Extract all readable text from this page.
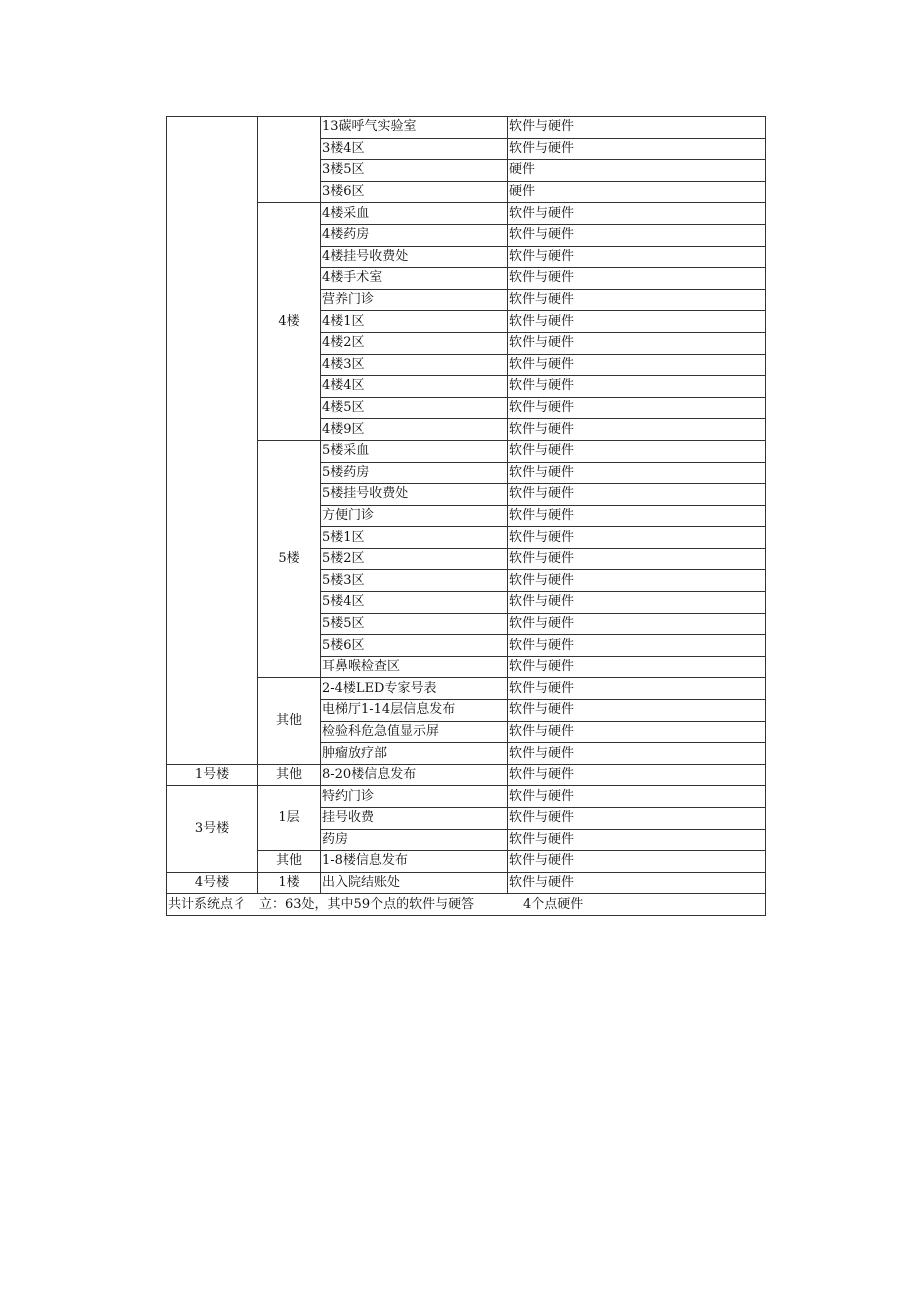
		13碳呼气实验室	软件与硬件
		3楼4区	软件与硬件
		3楼5区	硬件
		3楼6区	硬件
	4楼	4楼采血	软件与硬件
		4楼药房	软件与硬件
		4楼挂号收费处	软件与硬件
		4楼手术室	软件与硬件
		营养门诊	软件与硬件
		4楼1区	软件与硬件
		4楼2区	软件与硬件
		4楼3区	软件与硬件
		4楼4区	软件与硬件
		4楼5区	软件与硬件
		4楼9区	软件与硬件
	5楼	5楼采血	软件与硬件
		5楼药房	软件与硬件
		5楼挂号收费处	软件与硬件
		方便门诊	软件与硬件
		5楼1区	软件与硬件
		5楼2区	软件与硬件
		5楼3区	软件与硬件
		5楼4区	软件与硬件
		5楼5区	软件与硬件
		5楼6区	软件与硬件
		耳鼻喉检查区	软件与硬件
	其他	2-4楼LED专家号表	软件与硬件
		电梯厅1-14层信息发布	软件与硬件
		检验科危急值显示屏	软件与硬件
		肿瘤放疗部	软件与硬件
1号楼	其他	8-20楼信息发布	软件与硬件
3号楼	1层	特约门诊	软件与硬件
		挂号收费	软件与硬件
		药房	软件与硬件
	其他	1-8楼信息发布	软件与硬件
4号楼	1楼	出入院结账处	软件与硬件

共计系统点彳 立：63处，其中59个点的软件与硬答 4个点硬件			
